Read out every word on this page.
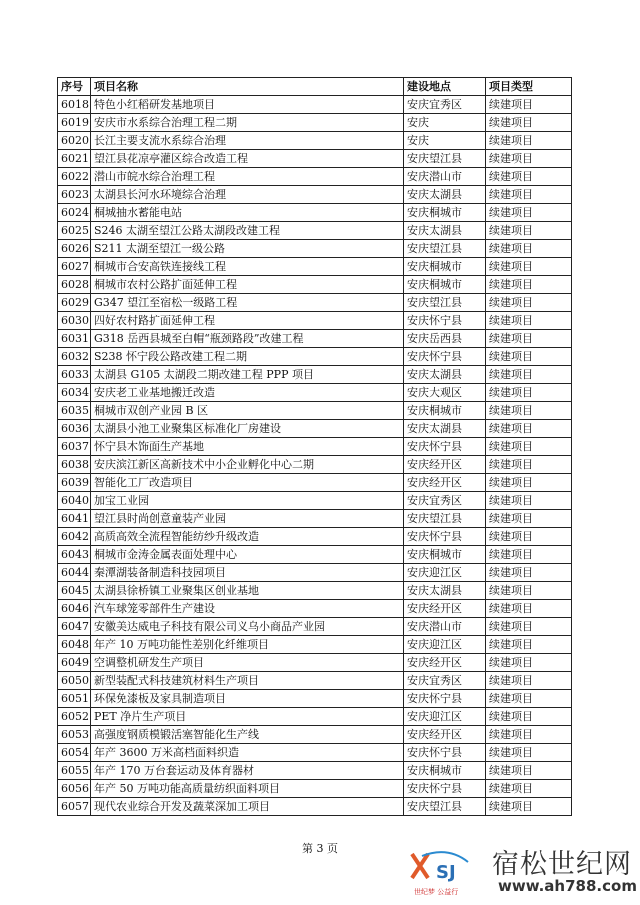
序号	项目名称	建设地点	项目类型
6018	特色小红稻研发基地项目	安庆宜秀区	续建项目
6019	安庆市水系综合治理工程二期	安庆	续建项目
6020	长江主要支流水系综合治理	安庆	续建项目
6021	望江县花凉亭灌区综合改造工程	安庆望江县	续建项目
6022	潜山市皖水综合治理工程	安庆潜山市	续建项目
6023	太湖县长河水环境综合治理	安庆太湖县	续建项目
6024	桐城抽水蓄能电站	安庆桐城市	续建项目
6025	S246 太湖至望江公路太湖段改建工程	安庆太湖县	续建项目
6026	S211 太湖至望江一级公路	安庆望江县	续建项目
6027	桐城市合安高铁连接线工程	安庆桐城市	续建项目
6028	桐城市农村公路扩面延伸工程	安庆桐城市	续建项目
6029	G347 望江至宿松一级路工程	安庆望江县	续建项目
6030	四好农村路扩面延伸工程	安庆怀宁县	续建项目
6031	G318 岳西县城至白帽“瓶颈路段”改建工程	安庆岳西县	续建项目
6032	S238 怀宁段公路改建工程二期	安庆怀宁县	续建项目
6033	太湖县 G105 太湖段二期改建工程 PPP 项目	安庆太湖县	续建项目
6034	安庆老工业基地搬迁改造	安庆大观区	续建项目
6035	桐城市双创产业园 B 区	安庆桐城市	续建项目
6036	太湖县小池工业聚集区标准化厂房建设	安庆太湖县	续建项目
6037	怀宁县木饰面生产基地	安庆怀宁县	续建项目
6038	安庆滨江新区高新技术中小企业孵化中心二期	安庆经开区	续建项目
6039	智能化工厂改造项目	安庆经开区	续建项目
6040	加宝工业园	安庆宜秀区	续建项目
6041	望江县时尚创意童装产业园	安庆望江县	续建项目
6042	高质高效全流程智能纺纱升级改造	安庆怀宁县	续建项目
6043	桐城市金涛金属表面处理中心	安庆桐城市	续建项目
6044	秦潭湖装备制造科技园项目	安庆迎江区	续建项目
6045	太湖县徐桥镇工业聚集区创业基地	安庆太湖县	续建项目
6046	汽车球笼零部件生产建设	安庆经开区	续建项目
6047	安徽美达威电子科技有限公司义乌小商品产业园	安庆潜山市	续建项目
6048	年产 10 万吨功能性差别化纤维项目	安庆迎江区	续建项目
6049	空调整机研发生产项目	安庆经开区	续建项目
6050	新型装配式科技建筑材料生产项目	安庆宜秀区	续建项目
6051	环保免漆板及家具制造项目	安庆怀宁县	续建项目
6052	PET 净片生产项目	安庆迎江区	续建项目
6053	高强度钢质模锻活塞智能化生产线	安庆经开区	续建项目
6054	年产 3600 万米高档面料织造	安庆怀宁县	续建项目
6055	年产 170 万台套运动及体育器材	安庆桐城市	续建项目
6056	年产 50 万吨功能高质量纺织面料项目	安庆怀宁县	续建项目
6057	现代农业综合开发及蔬菜深加工项目	安庆望江县	续建项目
第 3 页
SJ
世纪梦 公益行
宿松世纪网
www.ah788.com
